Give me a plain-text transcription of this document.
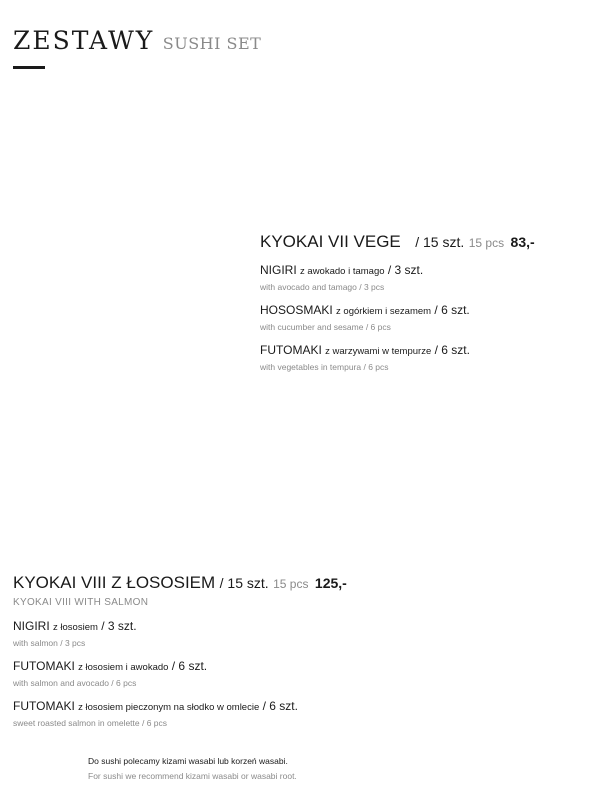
ZESTAWY SUSHI SET
KYOKAI VII VEGE / 15 szt. 15 pcs 83,-
NIGIRI z awokado i tamago / 3 szt.
with avocado and tamago / 3 pcs
HOSOSMAKI z ogórkiem i sezamem / 6 szt.
with cucumber and sesame / 6 pcs
FUTOMAKI z warzywami w tempurze / 6 szt.
with vegetables in tempura / 6 pcs
KYOKAI VIII Z ŁOSOSIEM / 15 szt. 15 pcs 125,-
KYOKAI VIII WITH SALMON
NIGIRI z łososiem / 3 szt.
with salmon / 3 pcs
FUTOMAKI z łososiem i awokado / 6 szt.
with salmon and avocado / 6 pcs
FUTOMAKI z łososiem pieczonym na słodko w omlecie / 6 szt.
sweet roasted salmon in omelette / 6 pcs
Do sushi polecamy kizami wasabi lub korzeń wasabi.
For sushi we recommend kizami wasabi or wasabi root.
